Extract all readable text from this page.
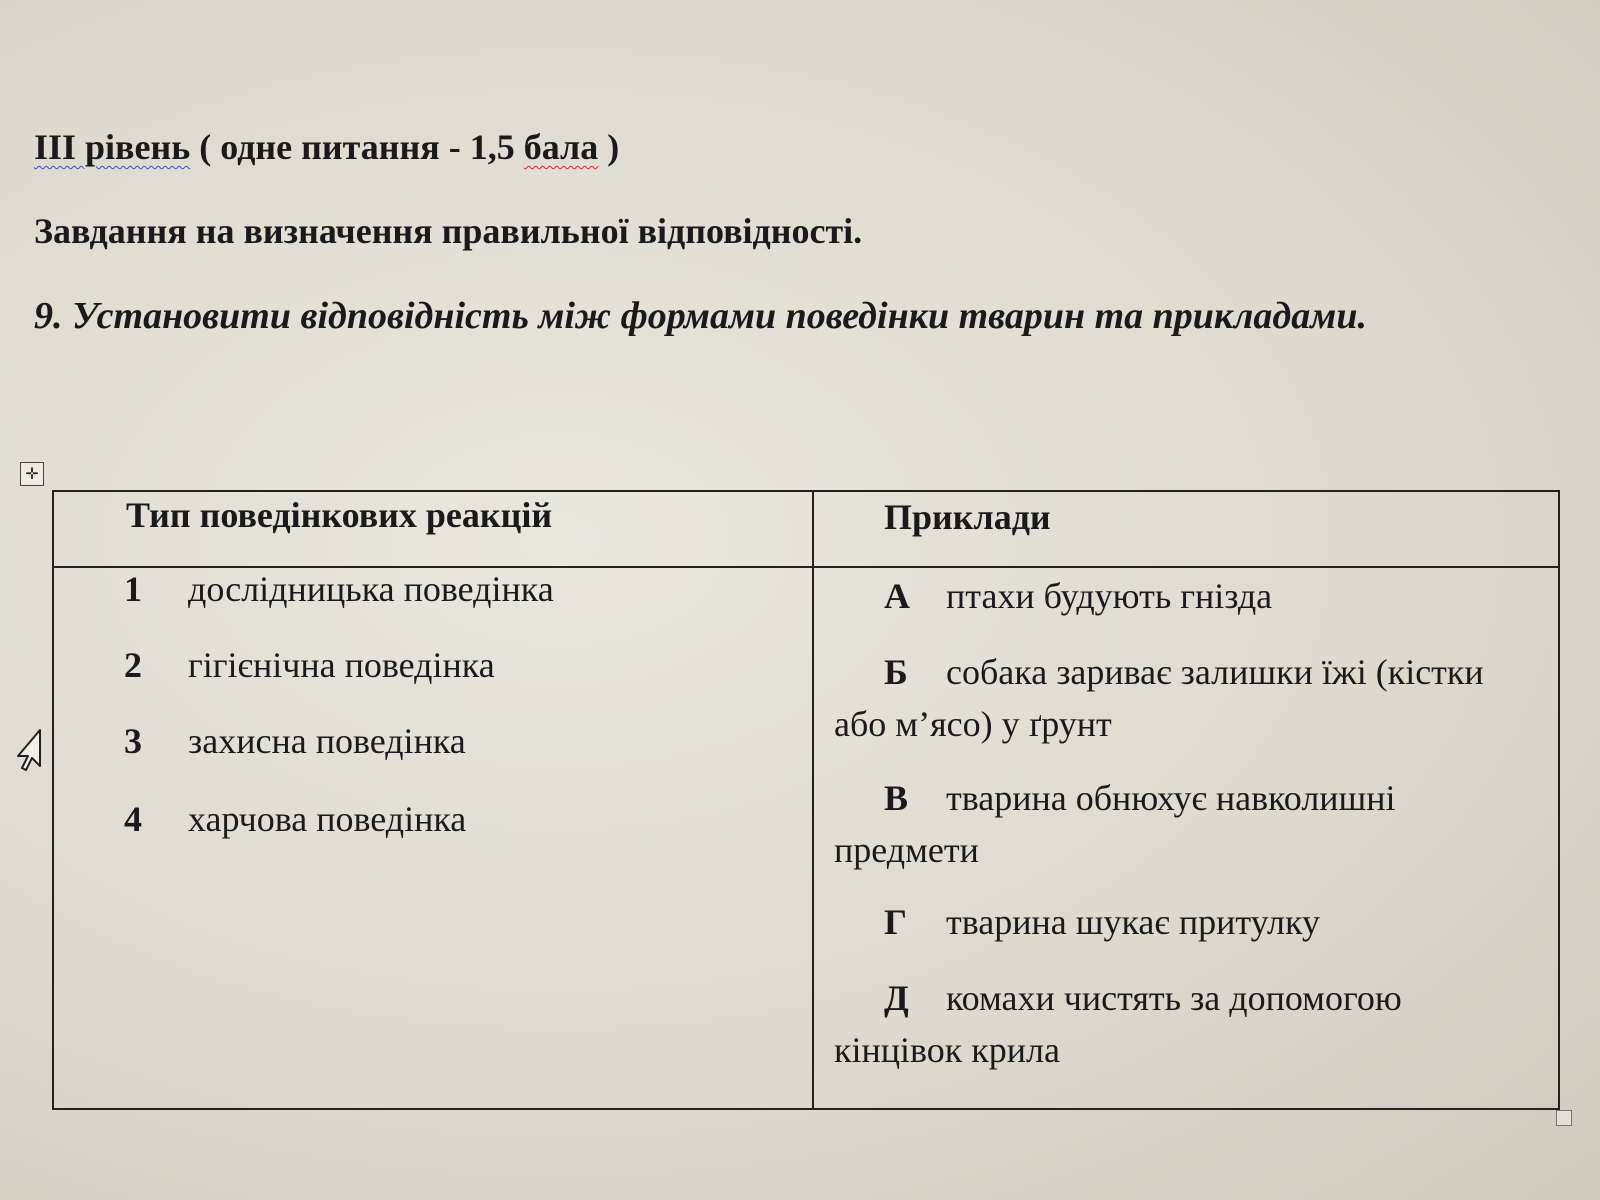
III рівень ( одне питання - 1,5 бала )
Завдання на визначення правильної відповідності.
9. Установити відповідність між формами поведінки тварин та прикладами.
✛
Тип поведінкових реакцій	Приклади
1 дослідницька поведінка
2 гігієнічна поведінка
3 захисна поведінка
4 харчова поведінка
А птахи будують гнізда
Б собака зариває залишки їжі (кістки або м’ясо) у ґрунт
В тварина обнюхує навколишні предмети
Г тварина шукає притулку
Д комахи чистять за допомогою кінцівок крила
